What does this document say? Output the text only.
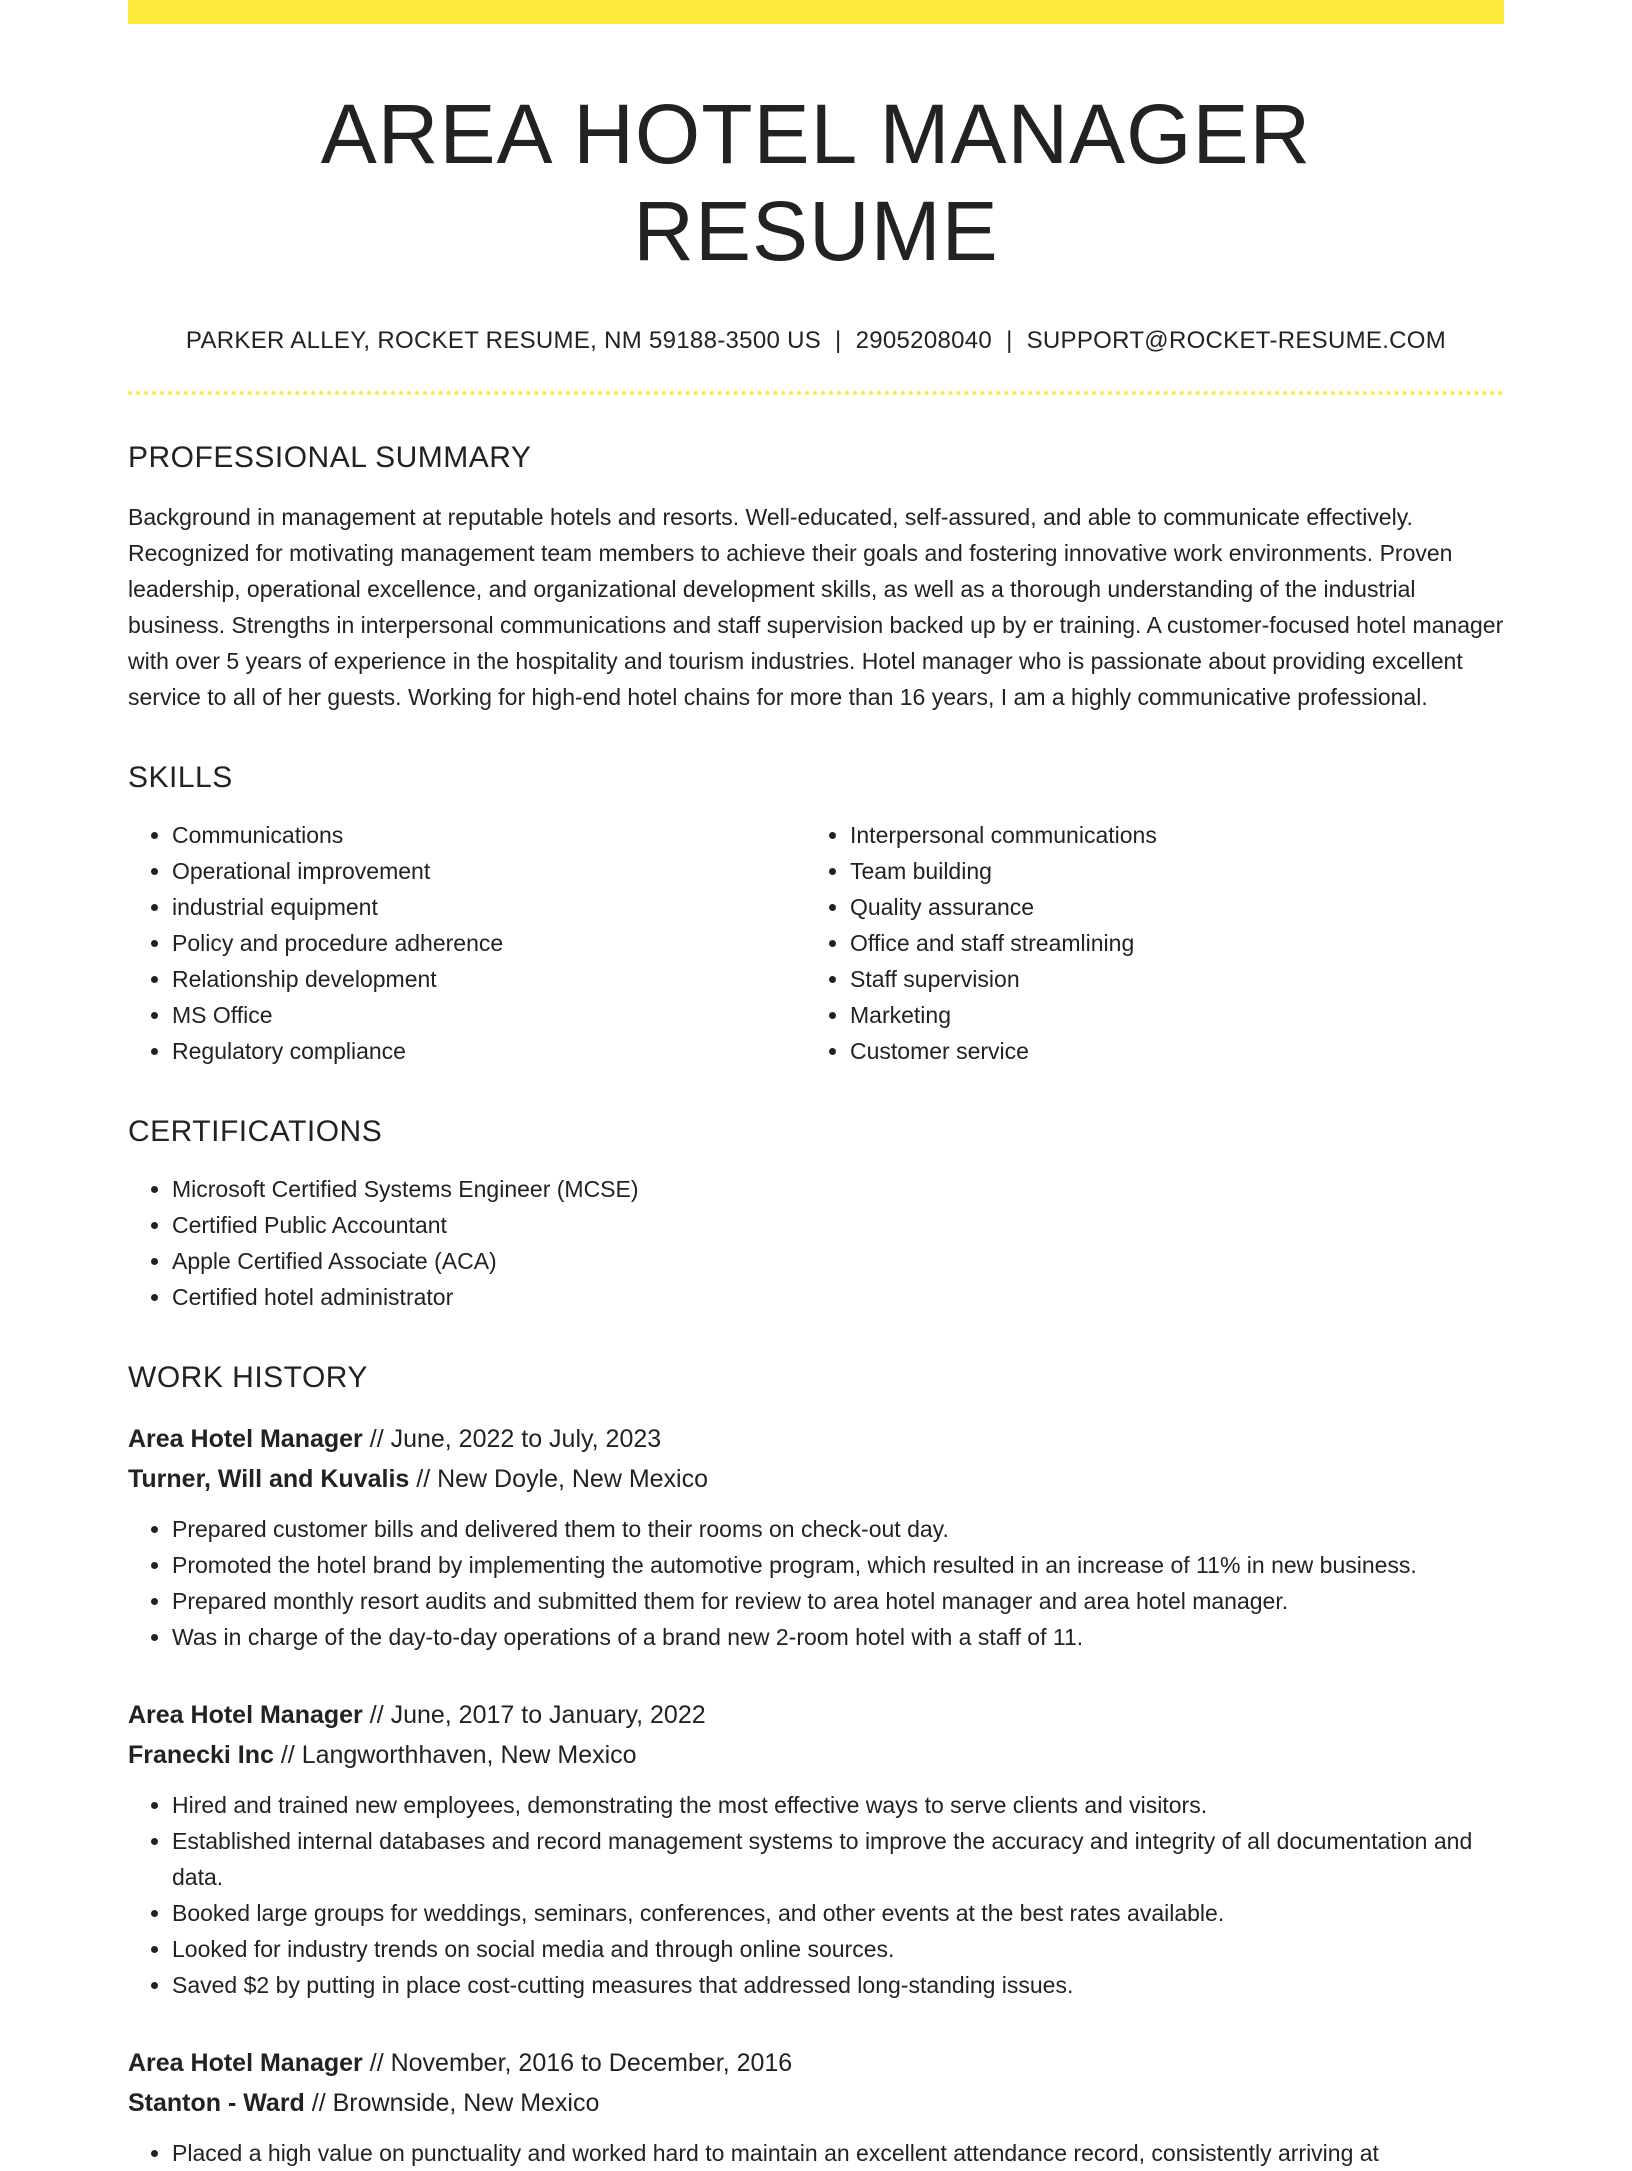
AREA HOTEL MANAGER RESUME
PARKER ALLEY, ROCKET RESUME, NM 59188-3500 US | 2905208040 | SUPPORT@ROCKET-RESUME.COM
PROFESSIONAL SUMMARY

Background in management at reputable hotels and resorts. Well-educated, self-assured, and able to communicate effectively. Recognized for motivating management team members to achieve their goals and fostering innovative work environments. Proven leadership, operational excellence, and organizational development skills, as well as a thorough understanding of the industrial business. Strengths in interpersonal communications and staff supervision backed up by er training. A customer-focused hotel manager with over 5 years of experience in the hospitality and tourism industries. Hotel manager who is passionate about providing excellent service to all of her guests. Working for high-end hotel chains for more than 16 years, I am a highly communicative professional.

SKILLS
• Communications
• Operational improvement
• industrial equipment
• Policy and procedure adherence
• Relationship development
• MS Office
• Regulatory compliance
• Interpersonal communications
• Team building
• Quality assurance
• Office and staff streamlining
• Staff supervision
• Marketing
• Customer service
CERTIFICATIONS
• Microsoft Certified Systems Engineer (MCSE)
• Certified Public Accountant
• Apple Certified Associate (ACA)
• Certified hotel administrator
WORK HISTORY
Area Hotel Manager // June, 2022 to July, 2023
Turner, Will and Kuvalis // New Doyle, New Mexico
• Prepared customer bills and delivered them to their rooms on check-out day.
• Promoted the hotel brand by implementing the automotive program, which resulted in an increase of 11% in new business.
• Prepared monthly resort audits and submitted them for review to area hotel manager and area hotel manager.
• Was in charge of the day-to-day operations of a brand new 2-room hotel with a staff of 11.
Area Hotel Manager // June, 2017 to January, 2022
Franecki Inc // Langworthhaven, New Mexico
• Hired and trained new employees, demonstrating the most effective ways to serve clients and visitors.
• Established internal databases and record management systems to improve the accuracy and integrity of all documentation and data.
• Booked large groups for weddings, seminars, conferences, and other events at the best rates available.
• Looked for industry trends on social media and through online sources.
• Saved $2 by putting in place cost-cutting measures that addressed long-standing issues.
Area Hotel Manager // November, 2016 to December, 2016
Stanton - Ward // Brownside, New Mexico
• Placed a high value on punctuality and worked hard to maintain an excellent attendance record, consistently arriving at
